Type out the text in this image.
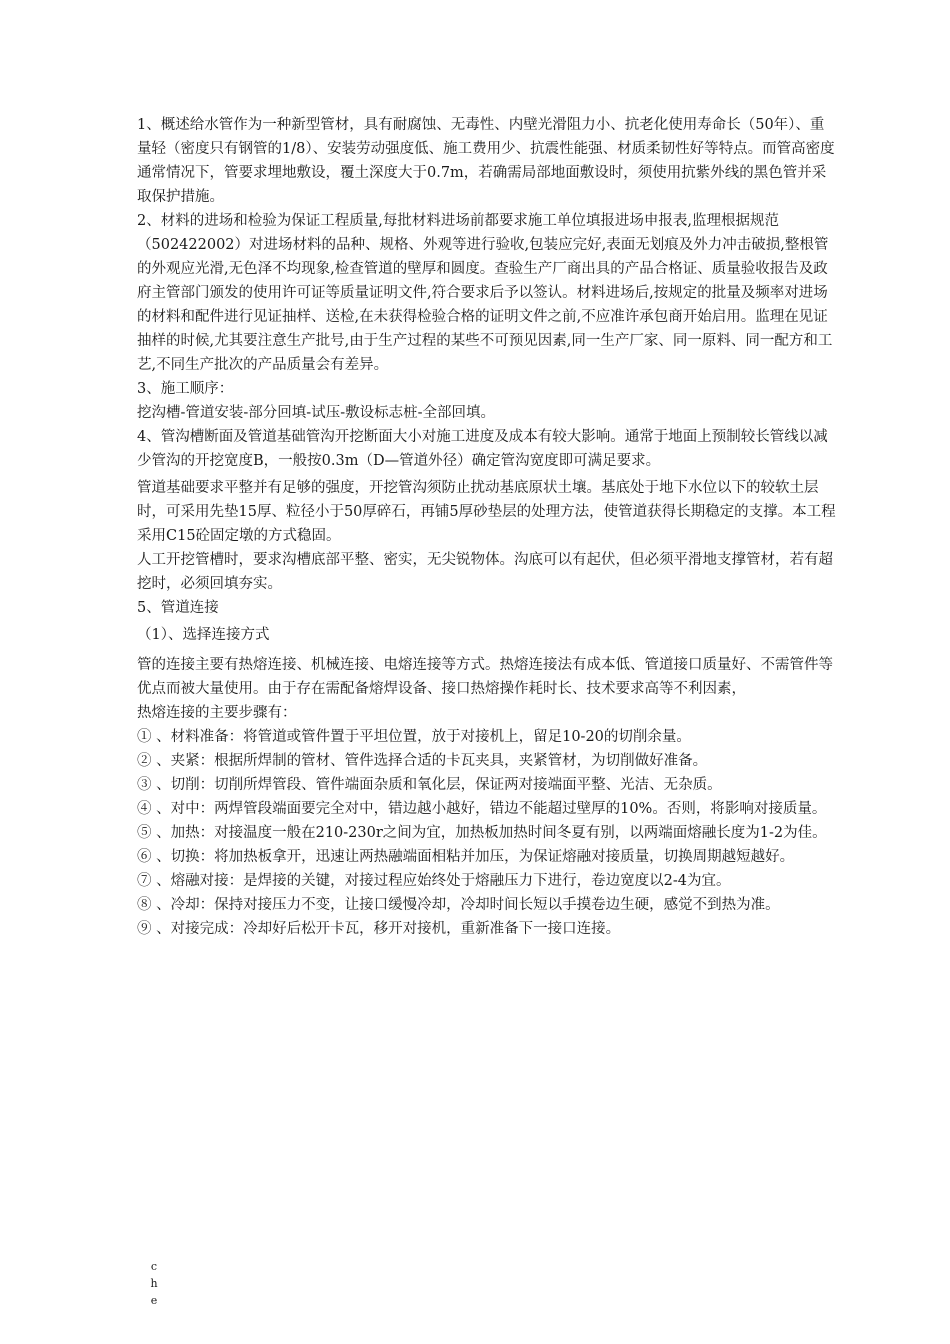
1、概述给水管作为一种新型管材，具有耐腐蚀、无毒性、内壁光滑阻力小、抗老化使用寿命长（50年）、重量轻（密度只有钢管的1/8）、安装劳动强度低、施工费用少、抗震性能强、材质柔韧性好等特点。而管高密度

通常情况下，管要求埋地敷设，覆土深度大于0.7m，若确需局部地面敷设时，须使用抗紫外线的黑色管并采取保护措施。

2、材料的进场和检验为保证工程质量,每批材料进场前都要求施工单位填报进场申报表,监理根据规范（502422002）对进场材料的品种、规格、外观等进行验收,包装应完好,表面无划痕及外力冲击破损,整根管的外观应光滑,无色泽不均现象,检查管道的壁厚和圆度。查验生产厂商出具的产品合格证、质量验收报告及政府主管部门颁发的使用许可证等质量证明文件,符合要求后予以签认。材料进场后,按规定的批量及频率对进场的材料和配件进行见证抽样、送检,在未获得检验合格的证明文件之前,不应准许承包商开始启用。监理在见证抽样的时候,尤其要注意生产批号,由于生产过程的某些不可预见因素,同一生产厂家、同一原料、同一配方和工艺,不同生产批次的产品质量会有差异。

3、施工顺序：

挖沟槽-管道安装-部分回填-试压-敷设标志桩-全部回填。

4、管沟槽断面及管道基础管沟开挖断面大小对施工进度及成本有较大影响。通常于地面上预制较长管线以减少管沟的开挖宽度B，一般按0.3m（D—管道外径）确定管沟宽度即可满足要求。

管道基础要求平整并有足够的强度，开挖管沟须防止扰动基底原状土壤。基底处于地下水位以下的较软土层时，可采用先垫15厚、粒径小于50厚碎石，再铺5厚砂垫层的处理方法，使管道获得长期稳定的支撑。本工程采用C15砼固定墩的方式稳固。

人工开挖管槽时，要求沟槽底部平整、密实，无尖锐物体。沟底可以有起伏，但必须平滑地支撑管材，若有超挖时，必须回填夯实。

5、管道连接

（1）、选择连接方式

管的连接主要有热熔连接、机械连接、电熔连接等方式。热熔连接法有成本低、管道接口质量好、不需管件等优点而被大量使用。由于存在需配备熔焊设备、接口热熔操作耗时长、技术要求高等不利因素，

热熔连接的主要步骤有：

① 、材料准备：将管道或管件置于平坦位置，放于对接机上，留足10-20的切削余量。

② 、夹紧：根据所焊制的管材、管件选择合适的卡瓦夹具，夹紧管材，为切削做好准备。

③ 、切削：切削所焊管段、管件端面杂质和氧化层，保证两对接端面平整、光洁、无杂质。

④ 、对中：两焊管段端面要完全对中，错边越小越好，错边不能超过壁厚的10%。否则，将影响对接质量。

⑤ 、加热：对接温度一般在210-230r之间为宜，加热板加热时间冬夏有别，以两端面熔融长度为1-2为佳。

⑥ 、切换：将加热板拿开，迅速让两热融端面相粘并加压，为保证熔融对接质量，切换周期越短越好。

⑦ 、熔融对接：是焊接的关键，对接过程应始终处于熔融压力下进行，卷边宽度以2-4为宜。

⑧ 、冷却：保持对接压力不变，让接口缓慢冷却，冷却时间长短以手摸卷边生硬，感觉不到热为准。

⑨ 、对接完成：冷却好后松开卡瓦，移开对接机，重新准备下一接口连接。

c
h
e
